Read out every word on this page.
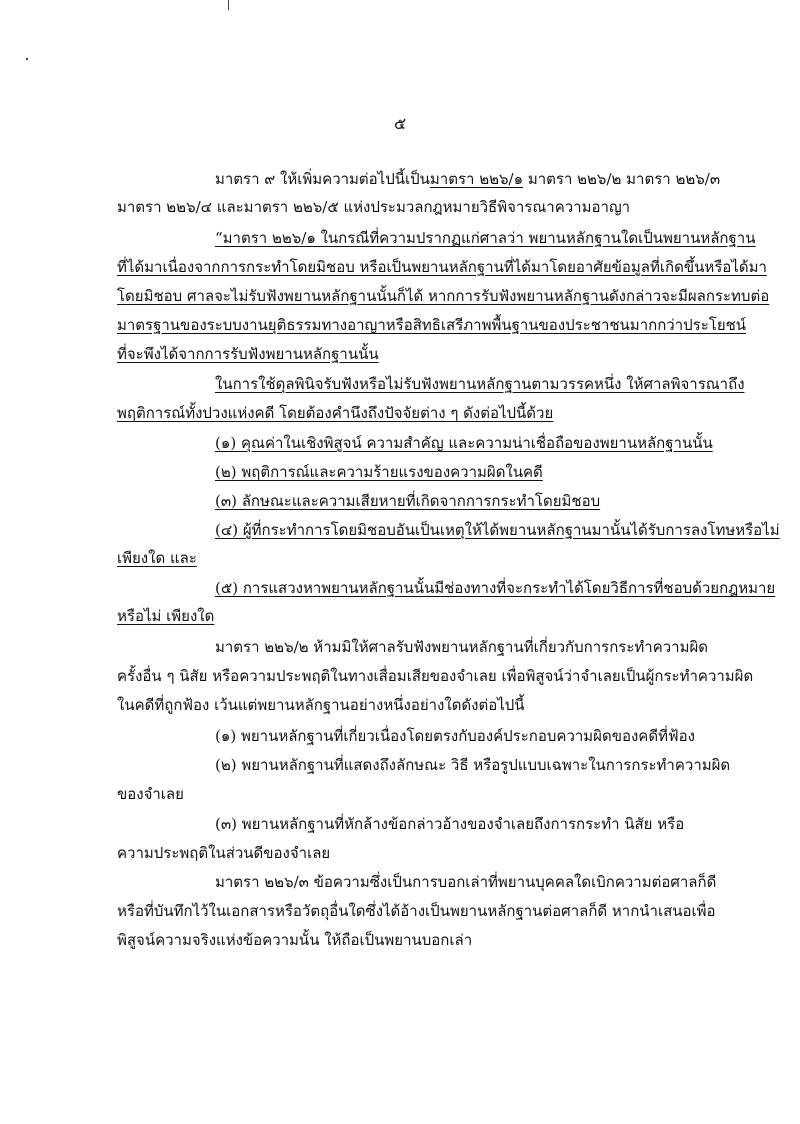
๕

มาตรา ๙ ให้เพิ่มความต่อไปนี้เป็นมาตรา ๒๒๖/๑ มาตรา ๒๒๖/๒ มาตรา ๒๒๖/๓

มาตรา ๒๒๖/๔ และมาตรา ๒๒๖/๕ แห่งประมวลกฎหมายวิธีพิจารณาความอาญา

“มาตรา ๒๒๖/๑ ในกรณีที่ความปรากฏแก่ศาลว่า พยานหลักฐานใดเป็นพยานหลักฐาน

ที่ได้มาเนื่องจากการกระทำโดยมิชอบ หรือเป็นพยานหลักฐานที่ได้มาโดยอาศัยข้อมูลที่เกิดขึ้นหรือได้มา

โดยมิชอบ ศาลจะไม่รับฟังพยานหลักฐานนั้นก็ได้ หากการรับฟังพยานหลักฐานดังกล่าวจะมีผลกระทบต่อ

มาตรฐานของระบบงานยุติธรรมทางอาญาหรือสิทธิเสรีภาพพื้นฐานของประชาชนมากกว่าประโยชน์

ที่จะพึงได้จากการรับฟังพยานหลักฐานนั้น

ในการใช้ดุลพินิจรับฟังหรือไม่รับฟังพยานหลักฐานตามวรรคหนึ่ง ให้ศาลพิจารณาถึง

พฤติการณ์ทั้งปวงแห่งคดี โดยต้องคำนึงถึงปัจจัยต่าง ๆ ดังต่อไปนี้ด้วย

(๑) คุณค่าในเชิงพิสูจน์ ความสำคัญ และความน่าเชื่อถือของพยานหลักฐานนั้น

(๒) พฤติการณ์และความร้ายแรงของความผิดในคดี

(๓) ลักษณะและความเสียหายที่เกิดจากการกระทำโดยมิชอบ

(๔) ผู้ที่กระทำการโดยมิชอบอันเป็นเหตุให้ได้พยานหลักฐานมานั้นได้รับการลงโทษหรือไม่

เพียงใด และ

(๕) การแสวงหาพยานหลักฐานนั้นมีช่องทางที่จะกระทำได้โดยวิธีการที่ชอบด้วยกฎหมาย

หรือไม่ เพียงใด

มาตรา ๒๒๖/๒ ห้ามมิให้ศาลรับฟังพยานหลักฐานที่เกี่ยวกับการกระทำความผิด

ครั้งอื่น ๆ นิสัย หรือความประพฤติในทางเสื่อมเสียของจำเลย เพื่อพิสูจน์ว่าจำเลยเป็นผู้กระทำความผิด

ในคดีที่ถูกฟ้อง เว้นแต่พยานหลักฐานอย่างหนึ่งอย่างใดดังต่อไปนี้

(๑) พยานหลักฐานที่เกี่ยวเนื่องโดยตรงกับองค์ประกอบความผิดของคดีที่ฟ้อง

(๒) พยานหลักฐานที่แสดงถึงลักษณะ วิธี หรือรูปแบบเฉพาะในการกระทำความผิด

ของจำเลย

(๓) พยานหลักฐานที่หักล้างข้อกล่าวอ้างของจำเลยถึงการกระทำ นิสัย หรือ

ความประพฤติในส่วนดีของจำเลย

มาตรา ๒๒๖/๓ ข้อความซึ่งเป็นการบอกเล่าที่พยานบุคคลใดเบิกความต่อศาลก็ดี

หรือที่บันทึกไว้ในเอกสารหรือวัตถุอื่นใดซึ่งได้อ้างเป็นพยานหลักฐานต่อศาลก็ดี หากนำเสนอเพื่อ

พิสูจน์ความจริงแห่งข้อความนั้น ให้ถือเป็นพยานบอกเล่า
